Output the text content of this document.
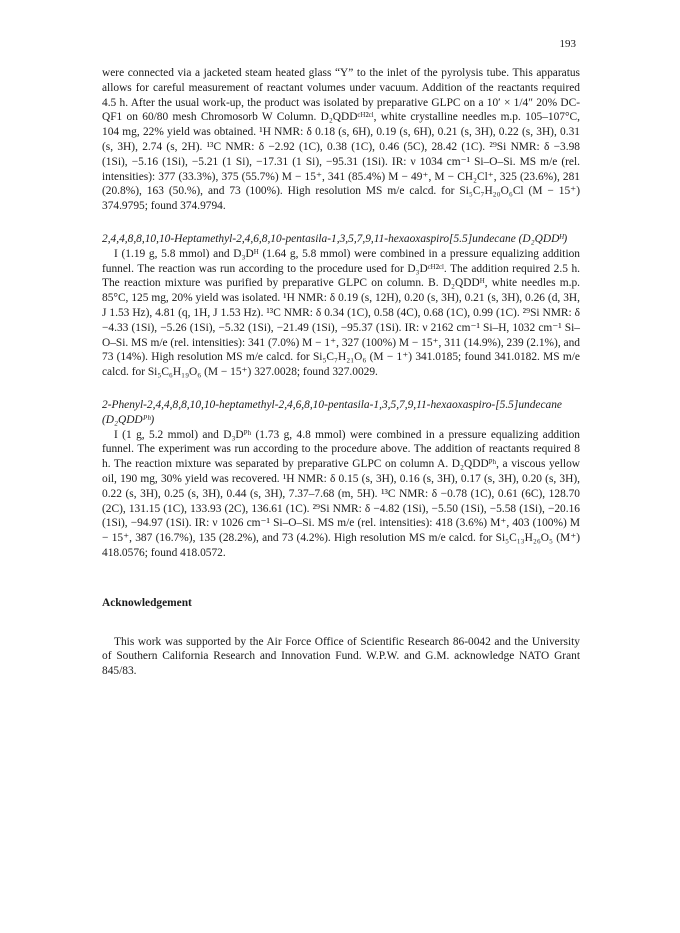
193

were connected via a jacketed steam heated glass “Y” to the inlet of the pyrolysis tube. This apparatus allows for careful measurement of reactant volumes under vacuum. Addition of the reactants required 4.5 h. After the usual work-up, the product was isolated by preparative GLPC on a 10′ × 1/4″ 20% DC-QF1 on 60/80 mesh Chromosorb W Column. D₂QDDᶜᴴ²ᶜˡ, white crystalline needles m.p. 105–107°C, 104 mg, 22% yield was obtained. ¹H NMR: δ 0.18 (s, 6H), 0.19 (s, 6H), 0.21 (s, 3H), 0.22 (s, 3H), 0.31 (s, 3H), 2.74 (s, 2H). ¹³C NMR: δ −2.92 (1C), 0.38 (1C), 0.46 (5C), 28.42 (1C). ²⁹Si NMR: δ −3.98 (1Si), −5.16 (1Si), −5.21 (1 Si), −17.31 (1 Si), −95.31 (1Si). IR: ν 1034 cm⁻¹ Si–O–Si. MS m/e (rel. intensities): 377 (33.3%), 375 (55.7%) M − 15⁺, 341 (85.4%) M − 49⁺, M − CH₂Cl⁺, 325 (23.6%), 281 (20.8%), 163 (50.%), and 73 (100%). High resolution MS m/e calcd. for Si₅C₇H₂₀O₆Cl (M − 15⁺) 374.9795; found 374.9794.

2,4,4,8,8,10,10-Heptamethyl-2,4,6,8,10-pentasila-1,3,5,7,9,11-hexaoxaspiro[5.5]undecane (D₂QDDᴴ)

I (1.19 g, 5.8 mmol) and D₃Dᴴ (1.64 g, 5.8 mmol) were combined in a pressure equalizing addition funnel. The reaction was run according to the procedure used for D₃Dᶜᴴ²ᶜˡ. The addition required 2.5 h. The reaction mixture was purified by preparative GLPC on column. B. D₂QDDᴴ, white needles m.p. 85°C, 125 mg, 20% yield was isolated. ¹H NMR: δ 0.19 (s, 12H), 0.20 (s, 3H), 0.21 (s, 3H), 0.26 (d, 3H, J 1.53 Hz), 4.81 (q, 1H, J 1.53 Hz). ¹³C NMR: δ 0.34 (1C), 0.58 (4C), 0.68 (1C), 0.99 (1C). ²⁹Si NMR: δ −4.33 (1Si), −5.26 (1Si), −5.32 (1Si), −21.49 (1Si), −95.37 (1Si). IR: ν 2162 cm⁻¹ Si–H, 1032 cm⁻¹ Si–O–Si. MS m/e (rel. intensities): 341 (7.0%) M − 1⁺, 327 (100%) M − 15⁺, 311 (14.9%), 239 (2.1%), and 73 (14%). High resolution MS m/e calcd. for Si₅C₇H₂₁O₆ (M − 1⁺) 341.0185; found 341.0182. MS m/e calcd. for Si₅C₆H₁₉O₆ (M − 15⁺) 327.0028; found 327.0029.

2-Phenyl-2,4,4,8,8,10,10-heptamethyl-2,4,6,8,10-pentasila-1,3,5,7,9,11-hexaoxaspiro-[5.5]undecane (D₂QDDᴾʰ)

I (1 g, 5.2 mmol) and D₃Dᴾʰ (1.73 g, 4.8 mmol) were combined in a pressure equalizing addition funnel. The experiment was run according to the procedure above. The addition of reactants required 8 h. The reaction mixture was separated by preparative GLPC on column A. D₂QDDᴾʰ, a viscous yellow oil, 190 mg, 30% yield was recovered. ¹H NMR: δ 0.15 (s, 3H), 0.16 (s, 3H), 0.17 (s, 3H), 0.20 (s, 3H), 0.22 (s, 3H), 0.25 (s, 3H), 0.44 (s, 3H), 7.37–7.68 (m, 5H). ¹³C NMR: δ −0.78 (1C), 0.61 (6C), 128.70 (2C), 131.15 (1C), 133.93 (2C), 136.61 (1C). ²⁹Si NMR: δ −4.82 (1Si), −5.50 (1Si), −5.58 (1Si), −20.16 (1Si), −94.97 (1Si). IR: ν 1026 cm⁻¹ Si–O–Si. MS m/e (rel. intensities): 418 (3.6%) M⁺, 403 (100%) M − 15⁺, 387 (16.7%), 135 (28.2%), and 73 (4.2%). High resolution MS m/e calcd. for Si₅C₁₃H₂₆O₅ (M⁺) 418.0576; found 418.0572.

Acknowledgement

This work was supported by the Air Force Office of Scientific Research 86-0042 and the University of Southern California Research and Innovation Fund. W.P.W. and G.M. acknowledge NATO Grant 845/83.
